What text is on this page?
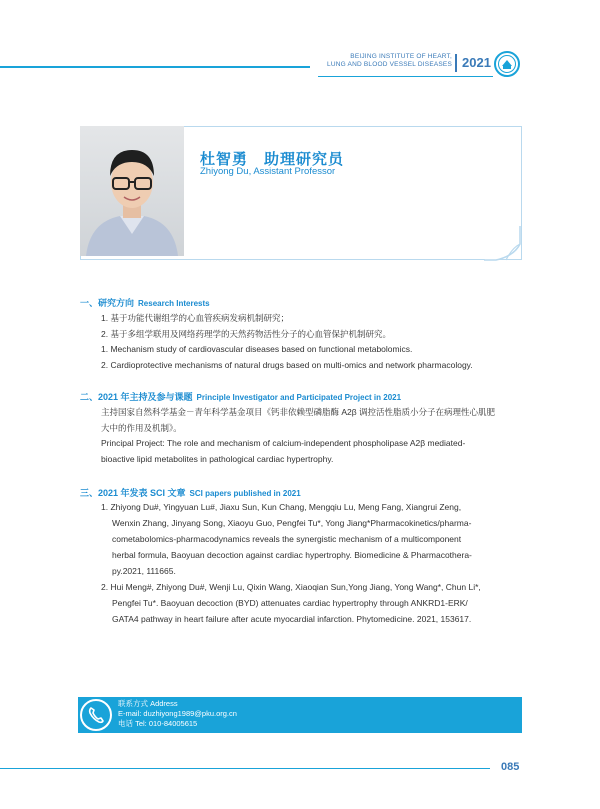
BEIJING INSTITUTE OF HEART,
LUNG AND BLOOD VESSEL DISEASES 2021
杜智勇　助理研究员
Zhiyong Du, Assistant Professor
一、研究方向 Research Interests
1. 基于功能代谢组学的心血管疾病发病机制研究；
2. 基于多组学联用及网络药理学的天然药物活性分子的心血管保护机制研究。
1. Mechanism study of cardiovascular diseases based on functional metabolomics.
2. Cardioprotective mechanisms of natural drugs based on multi-omics and network pharmacology.
二、2021 年主持及参与课题 Principle Investigator and Participated Project in 2021
主持国家自然科学基金－青年科学基金项目《钙非依赖型磷脂酶 A2β 调控活性脂质小分子在病理性心肌肥
大中的作用及机制》。
Principal Project: The role and mechanism of calcium-independent phospholipase A2β mediated-
bioactive lipid metabolites in pathological cardiac hypertrophy.
三、2021 年发表 SCI 文章 SCI papers published in 2021
1. Zhiyong Du#, Yingyuan Lu#, Jiaxu Sun, Kun Chang, Mengqiu Lu, Meng Fang, Xiangrui Zeng,
Wenxin Zhang, Jinyang Song, Xiaoyu Guo, Pengfei Tu*, Yong Jiang*Pharmacokinetics/pharma-
cometabolomics-pharmacodynamics reveals the synergistic mechanism of a multicomponent
herbal formula, Baoyuan decoction against cardiac hypertrophy. Biomedicine & Pharmacothera-
py.2021, 111665.
2. Hui Meng#, Zhiyong Du#, Wenji Lu, Qixin Wang, Xiaoqian Sun,Yong Jiang, Yong Wang*, Chun Li*,
Pengfei Tu*. Baoyuan decoction (BYD) attenuates cardiac hypertrophy through ANKRD1-ERK/
GATA4 pathway in heart failure after acute myocardial infarction. Phytomedicine. 2021, 153617.
联系方式 Address
E-mail: duzhiyong1989@pku.org.cn
电话 Tel: 010-84005615
085
